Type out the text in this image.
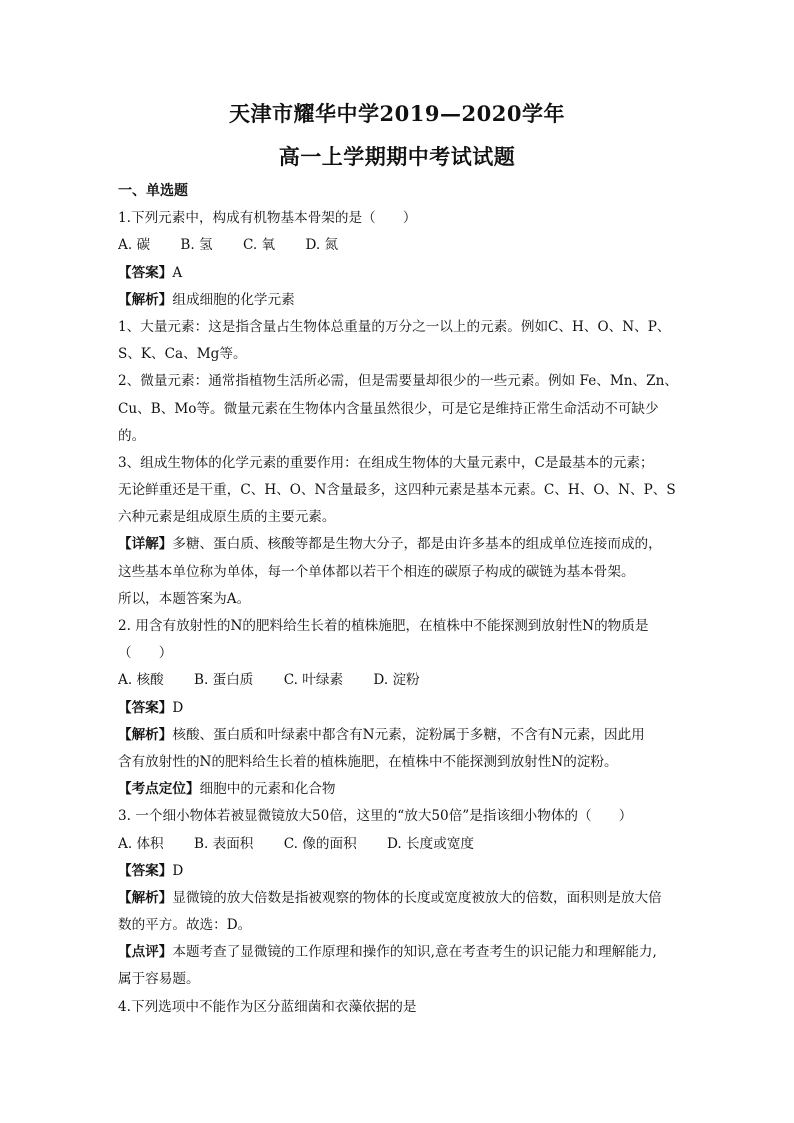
天津市耀华中学2019—2020学年
高一上学期期中考试试题
一、单选题
1.下列元素中，构成有机物基本骨架的是（　　）
A. 碳 B. 氢 C. 氧 D. 氮
【答案】A
【解析】组成细胞的化学元素
1、大量元素：这是指含量占生物体总重量的万分之一以上的元素。例如C、H、O、N、P、
S、K、Ca、Mg等。
2、微量元素：通常指植物生活所必需，但是需要量却很少的一些元素。例如 Fe、Mn、Zn、
Cu、B、Mo等。微量元素在生物体内含量虽然很少，可是它是维持正常生命活动不可缺少
的。
3、组成生物体的化学元素的重要作用：在组成生物体的大量元素中，C是最基本的元素；
无论鲜重还是干重，C、H、O、N含量最多，这四种元素是基本元素。C、H、O、N、P、S
六种元素是组成原生质的主要元素。
【详解】多糖、蛋白质、核酸等都是生物大分子，都是由许多基本的组成单位连接而成的，
这些基本单位称为单体，每一个单体都以若干个相连的碳原子构成的碳链为基本骨架。
所以，本题答案为A。
2. 用含有放射性的N的肥料给生长着的植株施肥，在植株中不能探测到放射性N的物质是
（　　）
A. 核酸 B. 蛋白质 C. 叶绿素 D. 淀粉
【答案】D
【解析】核酸、蛋白质和叶绿素中都含有N元素，淀粉属于多糖，不含有N元素，因此用
含有放射性的N的肥料给生长着的植株施肥，在植株中不能探测到放射性N的淀粉。
【考点定位】细胞中的元素和化合物
3. 一个细小物体若被显微镜放大50倍，这里的“放大50倍”是指该细小物体的（　　）
A. 体积 B. 表面积 C. 像的面积 D. 长度或宽度
【答案】D
【解析】显微镜的放大倍数是指被观察的物体的长度或宽度被放大的倍数，面积则是放大倍
数的平方。故选：D。
【点评】本题考查了显微镜的工作原理和操作的知识,意在考查考生的识记能力和理解能力,
属于容易题。
4.下列选项中不能作为区分蓝细菌和衣藻依据的是
